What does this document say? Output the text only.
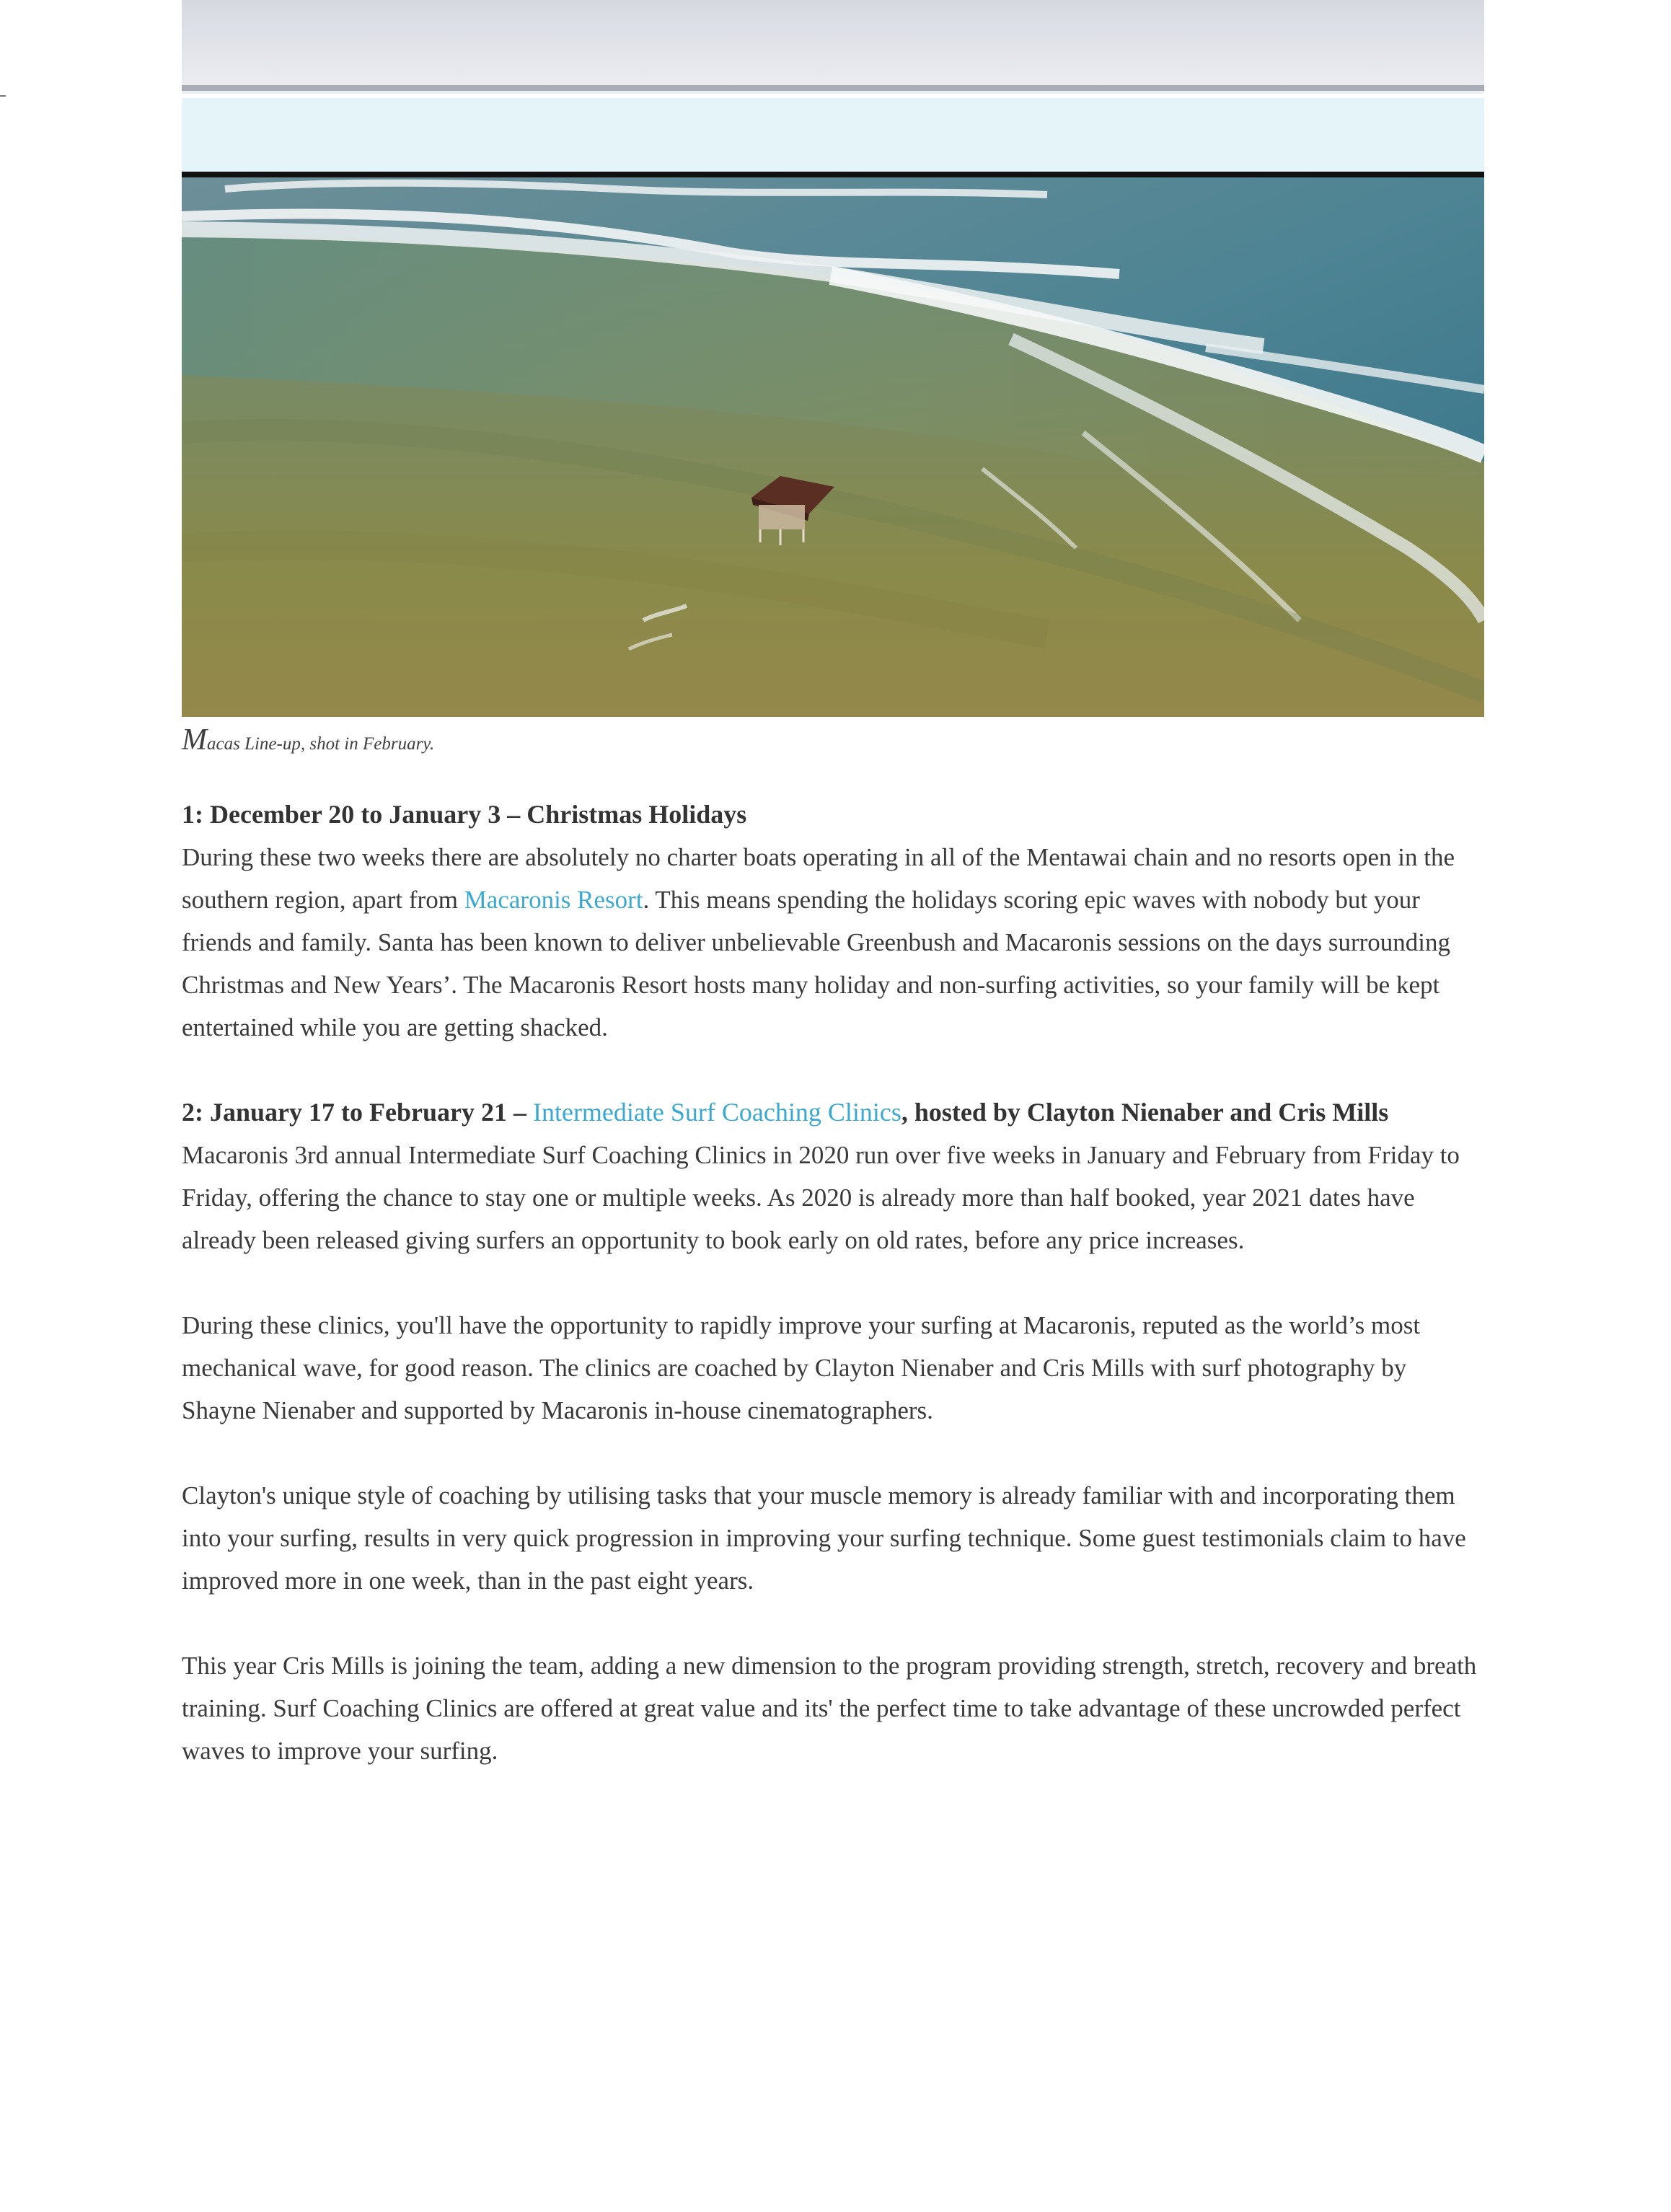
Macas Line-up, shot in February.
1: December 20 to January 3 – Christmas Holidays

During these two weeks there are absolutely no charter boats operating in all of the Mentawai chain and no resorts open in the southern region, apart from Macaronis Resort. This means spending the holidays scoring epic waves with nobody but your friends and family. Santa has been known to deliver unbelievable Greenbush and Macaronis sessions on the days surrounding Christmas and New Years’. The Macaronis Resort hosts many holiday and non-surfing activities, so your family will be kept entertained while you are getting shacked.

2: January 17 to February 21 – Intermediate Surf Coaching Clinics, hosted by Clayton Nienaber and Cris Mills

Macaronis 3rd annual Intermediate Surf Coaching Clinics in 2020 run over five weeks in January and February from Friday to Friday, offering the chance to stay one or multiple weeks. As 2020 is already more than half booked, year 2021 dates have already been released giving surfers an opportunity to book early on old rates, before any price increases.

During these clinics, you'll have the opportunity to rapidly improve your surfing at Macaronis, reputed as the world’s most mechanical wave, for good reason. The clinics are coached by Clayton Nienaber and Cris Mills with surf photography by Shayne Nienaber and supported by Macaronis in-house cinematographers.

Clayton's unique style of coaching by utilising tasks that your muscle memory is already familiar with and incorporating them into your surfing, results in very quick progression in improving your surfing technique. Some guest testimonials claim to have improved more in one week, than in the past eight years.

This year Cris Mills is joining the team, adding a new dimension to the program providing strength, stretch, recovery and breath training. Surf Coaching Clinics are offered at great value and its' the perfect time to take advantage of these uncrowded perfect waves to improve your surfing.
